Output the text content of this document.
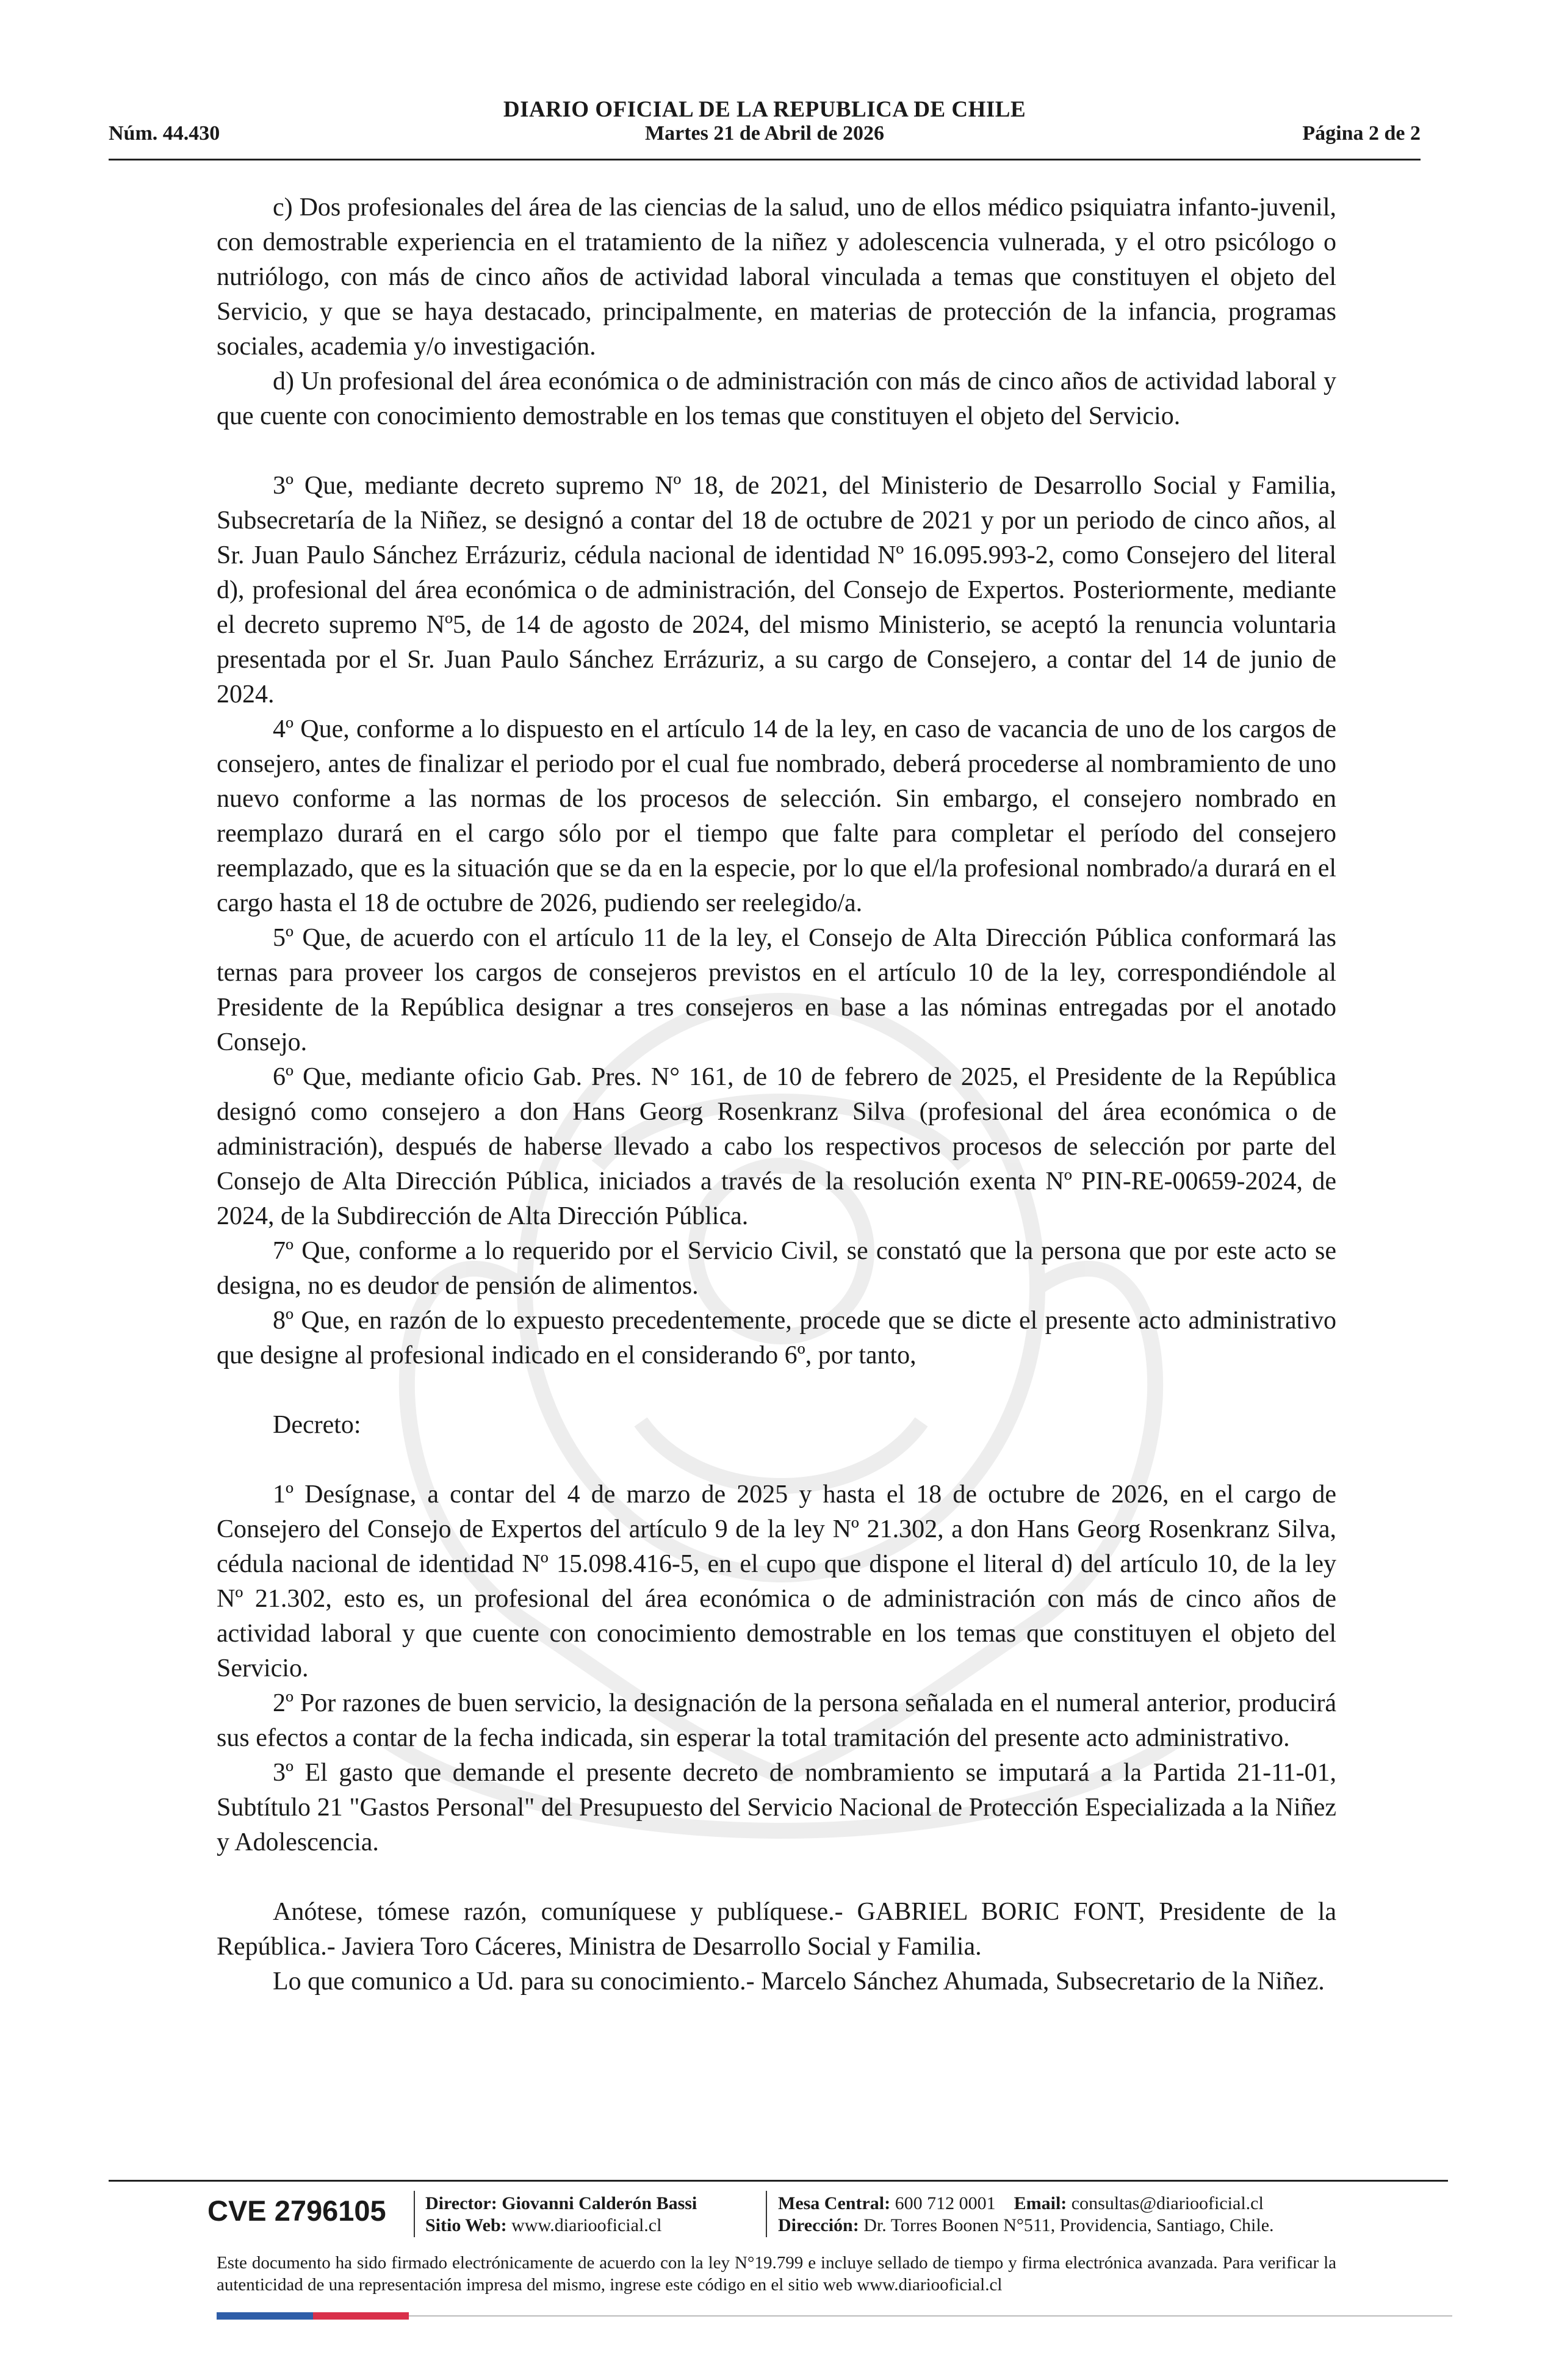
DIARIO OFICIAL DE LA REPUBLICA DE CHILE
Núm. 44.430	Martes 21 de Abril de 2026	Página 2 de 2

c) Dos profesionales del área de las ciencias de la salud, uno de ellos médico psiquiatra infanto-juvenil, con demostrable experiencia en el tratamiento de la niñez y adolescencia vulnerada, y el otro psicólogo o nutriólogo, con más de cinco años de actividad laboral vinculada a temas que constituyen el objeto del Servicio, y que se haya destacado, principalmente, en materias de protección de la infancia, programas sociales, academia y/o investigación.

d) Un profesional del área económica o de administración con más de cinco años de actividad laboral y que cuente con conocimiento demostrable en los temas que constituyen el objeto del Servicio.

3º Que, mediante decreto supremo Nº 18, de 2021, del Ministerio de Desarrollo Social y Familia, Subsecretaría de la Niñez, se designó a contar del 18 de octubre de 2021 y por un periodo de cinco años, al Sr. Juan Paulo Sánchez Errázuriz, cédula nacional de identidad Nº 16.095.993-2, como Consejero del literal d), profesional del área económica o de administración, del Consejo de Expertos. Posteriormente, mediante el decreto supremo Nº5, de 14 de agosto de 2024, del mismo Ministerio, se aceptó la renuncia voluntaria presentada por el Sr. Juan Paulo Sánchez Errázuriz, a su cargo de Consejero, a contar del 14 de junio de 2024.

4º Que, conforme a lo dispuesto en el artículo 14 de la ley, en caso de vacancia de uno de los cargos de consejero, antes de finalizar el periodo por el cual fue nombrado, deberá procederse al nombramiento de uno nuevo conforme a las normas de los procesos de selección. Sin embargo, el consejero nombrado en reemplazo durará en el cargo sólo por el tiempo que falte para completar el período del consejero reemplazado, que es la situación que se da en la especie, por lo que el/la profesional nombrado/a durará en el cargo hasta el 18 de octubre de 2026, pudiendo ser reelegido/a.

5º Que, de acuerdo con el artículo 11 de la ley, el Consejo de Alta Dirección Pública conformará las ternas para proveer los cargos de consejeros previstos en el artículo 10 de la ley, correspondiéndole al Presidente de la República designar a tres consejeros en base a las nóminas entregadas por el anotado Consejo.

6º Que, mediante oficio Gab. Pres. N° 161, de 10 de febrero de 2025, el Presidente de la República designó como consejero a don Hans Georg Rosenkranz Silva (profesional del área económica o de administración), después de haberse llevado a cabo los respectivos procesos de selección por parte del Consejo de Alta Dirección Pública, iniciados a través de la resolución exenta Nº PIN-RE-00659-2024, de 2024, de la Subdirección de Alta Dirección Pública.

7º Que, conforme a lo requerido por el Servicio Civil, se constató que la persona que por este acto se designa, no es deudor de pensión de alimentos.

8º Que, en razón de lo expuesto precedentemente, procede que se dicte el presente acto administrativo que designe al profesional indicado en el considerando 6º, por tanto,

Decreto:

1º Desígnase, a contar del 4 de marzo de 2025 y hasta el 18 de octubre de 2026, en el cargo de Consejero del Consejo de Expertos del artículo 9 de la ley Nº 21.302, a don Hans Georg Rosenkranz Silva, cédula nacional de identidad Nº 15.098.416-5, en el cupo que dispone el literal d) del artículo 10, de la ley Nº 21.302, esto es, un profesional del área económica o de administración con más de cinco años de actividad laboral y que cuente con conocimiento demostrable en los temas que constituyen el objeto del Servicio.

2º Por razones de buen servicio, la designación de la persona señalada en el numeral anterior, producirá sus efectos a contar de la fecha indicada, sin esperar la total tramitación del presente acto administrativo.

3º El gasto que demande el presente decreto de nombramiento se imputará a la Partida 21-11-01, Subtítulo 21 "Gastos Personal" del Presupuesto del Servicio Nacional de Protección Especializada a la Niñez y Adolescencia.

Anótese, tómese razón, comuníquese y publíquese.- GABRIEL BORIC FONT, Presidente de la República.- Javiera Toro Cáceres, Ministra de Desarrollo Social y Familia.

Lo que comunico a Ud. para su conocimiento.- Marcelo Sánchez Ahumada, Subsecretario de la Niñez.

CVE 2796105 Director: Giovanni Calderón Bassi
Sitio Web: www.diariooficial.cl
Mesa Central: 600 712 0001 Email: consultas@diariooficial.cl
Dirección: Dr. Torres Boonen N°511, Providencia, Santiago, Chile.
Este documento ha sido firmado electrónicamente de acuerdo con la ley N°19.799 e incluye sellado de tiempo y firma electrónica avanzada. Para verificar la autenticidad de una representación impresa del mismo, ingrese este código en el sitio web www.diariooficial.cl
